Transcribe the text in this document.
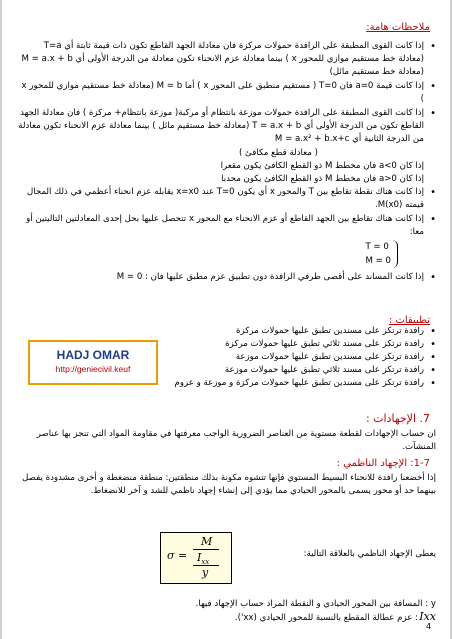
ملاحظات هامة:
• إذا كانت القوى المطبقة على الرافدة حمولات مركزة فان معادلة الجهد القاطع تكون ذات قيمة ثابتة أي T=a (معادلة خط مستقيم موازي للمحور x ) بينما معادلة عزم الانحناء تكون معادلة من الدرجة الأولى أي M = a.x + b (معادلة خط مستقيم مائل)
• إذا كانت قيمة a=0 فان T=0 ( مستقيم منطبق على المحور x ) أما M = b (معادلة خط مستقيم موازي للمحور x )
• إذا كانت القوى المطبقة على الرافدة حمولات موزعة بانتظام أو مركبة( موزعة بانتظام+ مركزة ) فان معادلة الجهد القاطع تكون من الدرجة الأولى أي T = a.x + b (معادلة خط مستقيم مائل ) بينما معادلة عزم الانحناء تكون معادلة من الدرجة الثانية أي M = a.x² + b.x+c
( معادلة قطع مكافئ )
إذا كان a<0 فان مخطط M ذو القطع الكافئ يكون مقعرا
إذا كان a>0 فان مخطط M ذو القطع الكافئ يكون محدبا
• إذا كانت هناك نقطة تقاطع بين T والمحور x أي يكون T=0 عند x=x0 يقابله عزم انحناء أعظمي في ذلك المجال قيمته M(x0).
• إذا كانت هناك تقاطع بين الجهد القاطع أو عزم الانحناء مع المحور x تتحصل عليها بحل إحدى المعادلتين التاليتين أو معا:
T = 0
M = 0
• إذا كانت المساند على أقصى طرفي الرافدة دون تطبيق عزم مطبق عليها فان : M = 0
تطبيقات :
• رافدة ترتكز على مسندين تطبق عليها حمولات مركزة
• رافدة ترتكز على مسند ثلاثي تطبق عليها حمولات مركزة
• رافدة ترتكز على مسندين تطبق عليها حمولات موزعة
• رافدة ترتكز على مسند ثلاثي تطبق عليها حمولات موزعة
• رافدة ترتكز على مسندين تطبق عليها حمولات مركزة و موزعة و عزوم
HADJ OMAR
http://geniecivil.keuf
7. الإجهادات :
ان حساب الإجهادات لقطعة مستوية من العناصر الضرورية الواجب معرفتها في مقاومة المواد التي تنجز بها عناصر المنشآت.
1-7: الإجهاد الناظمي :
إذا أخضعنا رافدة للانحناء البسيط المستوي فإنها تتشوه مكونة بذلك منطقتين: منطقة منضغطة و أخرى مشدودة يفصل بينهما حد أو محور يسمى بالمحور الحيادي مما يؤدي إلى إنشاء إجهاد ناظمي للشد و آخر للانضغاط.
يعطى الإجهاد الناظمي بالعلاقة التالية:
σ =
M
$I_{xx}$
y
y : المسافة بين المحور الحيادي و النقطة المراد حساب الإجهاد فيها.
: عزم عطالة المقطع بالنسبة للمحور الحيادي (xx'). Ixx
4
